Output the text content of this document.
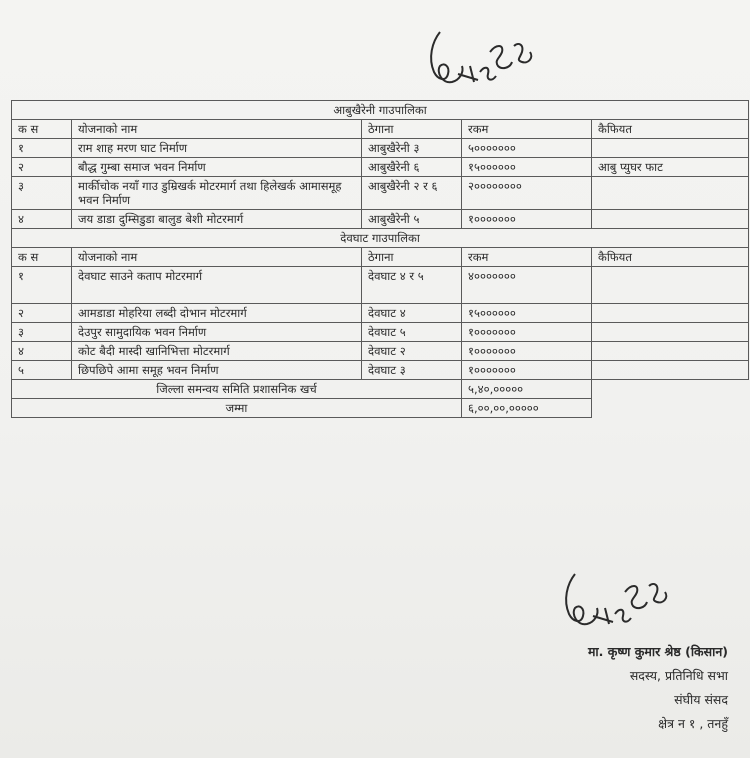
आबुखैरेनी गाउपालिका				
क स	योजनाको नाम	ठेगाना	रकम	कैफियत
१	राम शाह मरण घाट निर्माण	आबुखैरेनी ३	५०००००००	
२	बौद्ध गुम्बा समाज भवन निर्माण	आबुखैरेनी ६	१५००००००	आबु प्युघर फाट
३	मार्कीचोक नयाँ गाउ डुम्रिखर्क मोटरमार्ग तथा हिलेखर्क आमासमूह भवन निर्माण	आबुखैरेनी २ र ६	२००००००००	
४	जय डाडा दुम्सिडुडा बालुड बेशी मोटरमार्ग	आबुखैरेनी ५	१०००००००	
देवघाट गाउपालिका				
क स	योजनाको नाम	ठेगाना	रकम	कैफियत
१	देवघाट साउने कताप मोटरमार्ग	देवघाट ४ र ५	४०००००००	
२	आमडाडा मोहरिया लब्दी दोभान मोटरमार्ग	देवघाट ४	१५००००००	
३	देउपुर सामुदायिक भवन निर्माण	देवघाट ५	१०००००००	
४	कोट बैदी मास्दी खानिभित्ता मोटरमार्ग	देवघाट २	१०००००००	
५	छिपछिपे आमा समूह भवन निर्माण	देवघाट ३	१०००००००	
जिल्ला समन्वय समिति प्रशासनिक खर्च			५,४०,०००००	
जम्मा			६,००,००,०००००	
मा. कृष्ण कुमार श्रेष्ठ (किसान)
सदस्य, प्रतिनिधि सभा
संघीय संसद
क्षेत्र न १ , तनहुँ
